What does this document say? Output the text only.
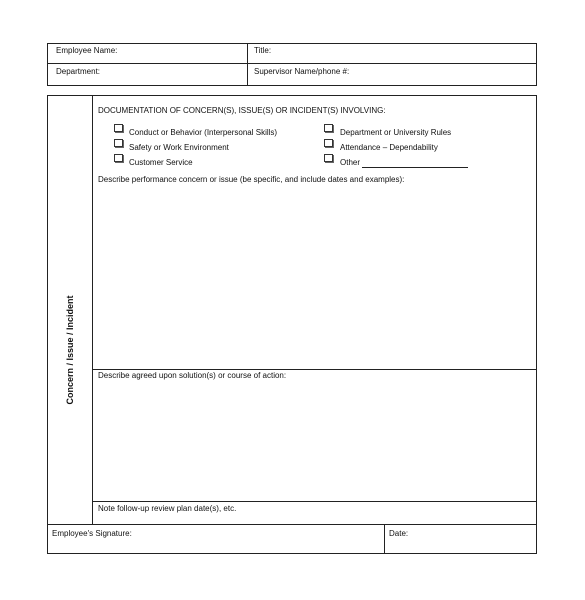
Employee Name:	Title:
Department:	Supervisor Name/phone #:
Concern / Issue / Incident
DOCUMENTATION OF CONCERN(S), ISSUE(S) OR INCIDENT(S) INVOLVING:
Conduct or Behavior (Interpersonal Skills)
Safety or Work Environment
Customer Service
Department or University Rules
Attendance – Dependability
Other
Describe performance concern or issue (be specific, and include dates and examples):
Describe agreed upon solution(s) or course of action:
Note follow-up review plan date(s), etc.
Employee's Signature:	Date:
